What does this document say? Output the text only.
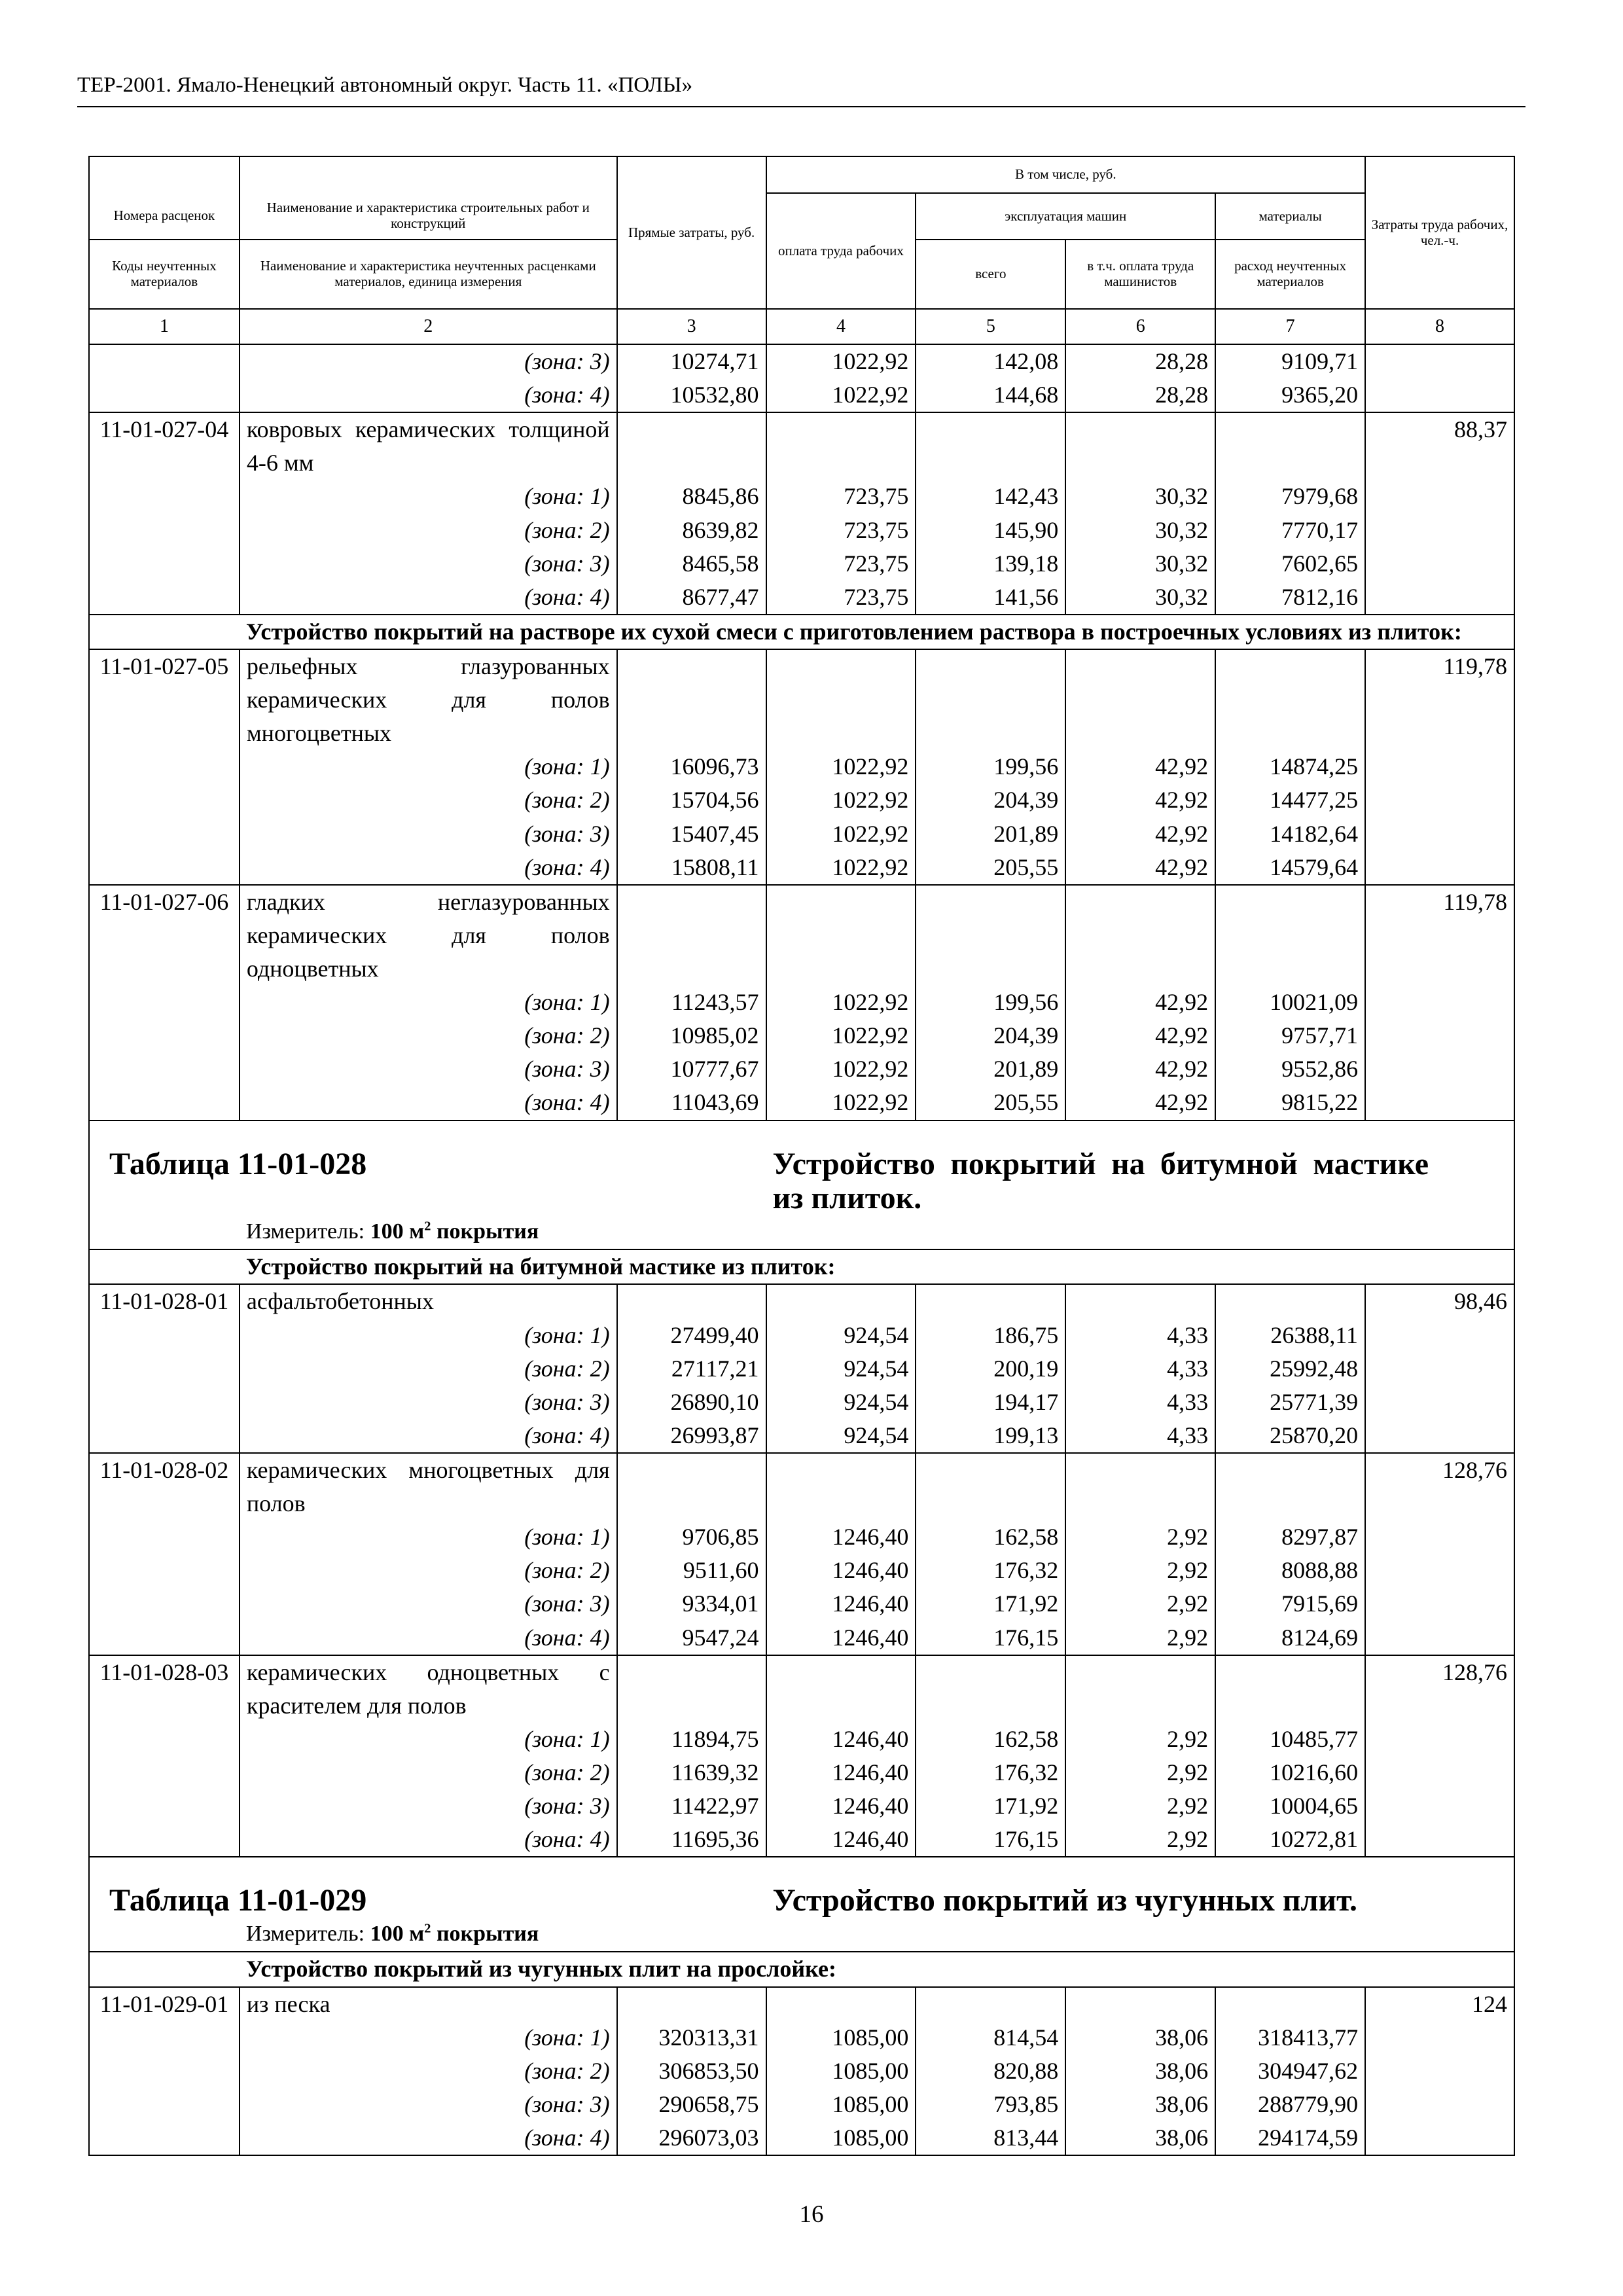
ТЕР-2001. Ямало-Ненецкий автономный округ. Часть 11. «ПОЛЫ»
		Прямые затраты, руб.	В том числе, руб.				Затраты труда рабочих, чел.-ч.
Номера расценок	Наименование и характеристика строительных работ и конструкций		оплата труда рабочих	эксплуатация машин		материалы	
Коды неучтенных материалов	Наименование и характеристика неучтенных расценками материалов, единица измерения			всего	в т.ч. оплата труда машинистов	расход неучтенных материалов	
1	2	3	4	5	6	7	8
	(зона: 3)	10274,71	1022,92	142,08	28,28	9109,71	
	(зона: 4)	10532,80	1022,92	144,68	28,28	9365,20	
11-01-027-04	ковровых керамических толщиной 4-6 мм						88,37
	(зона: 1)	8845,86	723,75	142,43	30,32	7979,68	
	(зона: 2)	8639,82	723,75	145,90	30,32	7770,17	
	(зона: 3)	8465,58	723,75	139,18	30,32	7602,65	
	(зона: 4)	8677,47	723,75	141,56	30,32	7812,16	
	Устройство покрытий на растворе их сухой смеси с приготовлением раствора в построечных условиях из плиток:						
11-01-027-05	рельефных глазурованных керамических для полов многоцветных						119,78
	(зона: 1)	16096,73	1022,92	199,56	42,92	14874,25	
	(зона: 2)	15704,56	1022,92	204,39	42,92	14477,25	
	(зона: 3)	15407,45	1022,92	201,89	42,92	14182,64	
	(зона: 4)	15808,11	1022,92	205,55	42,92	14579,64	
11-01-027-06	гладких неглазурованных керамических для полов одноцветных						119,78
	(зона: 1)	11243,57	1022,92	199,56	42,92	10021,09	
	(зона: 2)	10985,02	1022,92	204,39	42,92	9757,71	
	(зона: 3)	10777,67	1022,92	201,89	42,92	9552,86	
	(зона: 4)	11043,69	1022,92	205,55	42,92	9815,22	
Таблица 11-01-028			Устройство покрытий на битумной мастике из плиток.				
	Измеритель: 100 $м^2$ покрытия						
	Устройство покрытий на битумной мастике из плиток:						
11-01-028-01	асфальтобетонных						98,46
	(зона: 1)	27499,40	924,54	186,75	4,33	26388,11	
	(зона: 2)	27117,21	924,54	200,19	4,33	25992,48	
	(зона: 3)	26890,10	924,54	194,17	4,33	25771,39	
	(зона: 4)	26993,87	924,54	199,13	4,33	25870,20	
11-01-028-02	керамических многоцветных для полов						128,76
	(зона: 1)	9706,85	1246,40	162,58	2,92	8297,87	
	(зона: 2)	9511,60	1246,40	176,32	2,92	8088,88	
	(зона: 3)	9334,01	1246,40	171,92	2,92	7915,69	
	(зона: 4)	9547,24	1246,40	176,15	2,92	8124,69	
11-01-028-03	керамических одноцветных с красителем для полов						128,76
	(зона: 1)	11894,75	1246,40	162,58	2,92	10485,77	
	(зона: 2)	11639,32	1246,40	176,32	2,92	10216,60	
	(зона: 3)	11422,97	1246,40	171,92	2,92	10004,65	
	(зона: 4)	11695,36	1246,40	176,15	2,92	10272,81	
Таблица 11-01-029			Устройство покрытий из чугунных плит.				
	Измеритель: 100 $м^2$ покрытия						
	Устройство покрытий из чугунных плит на прослойке:						
11-01-029-01	из песка						124
	(зона: 1)	320313,31	1085,00	814,54	38,06	318413,77	
	(зона: 2)	306853,50	1085,00	820,88	38,06	304947,62	
	(зона: 3)	290658,75	1085,00	793,85	38,06	288779,90	
	(зона: 4)	296073,03	1085,00	813,44	38,06	294174,59	
16
